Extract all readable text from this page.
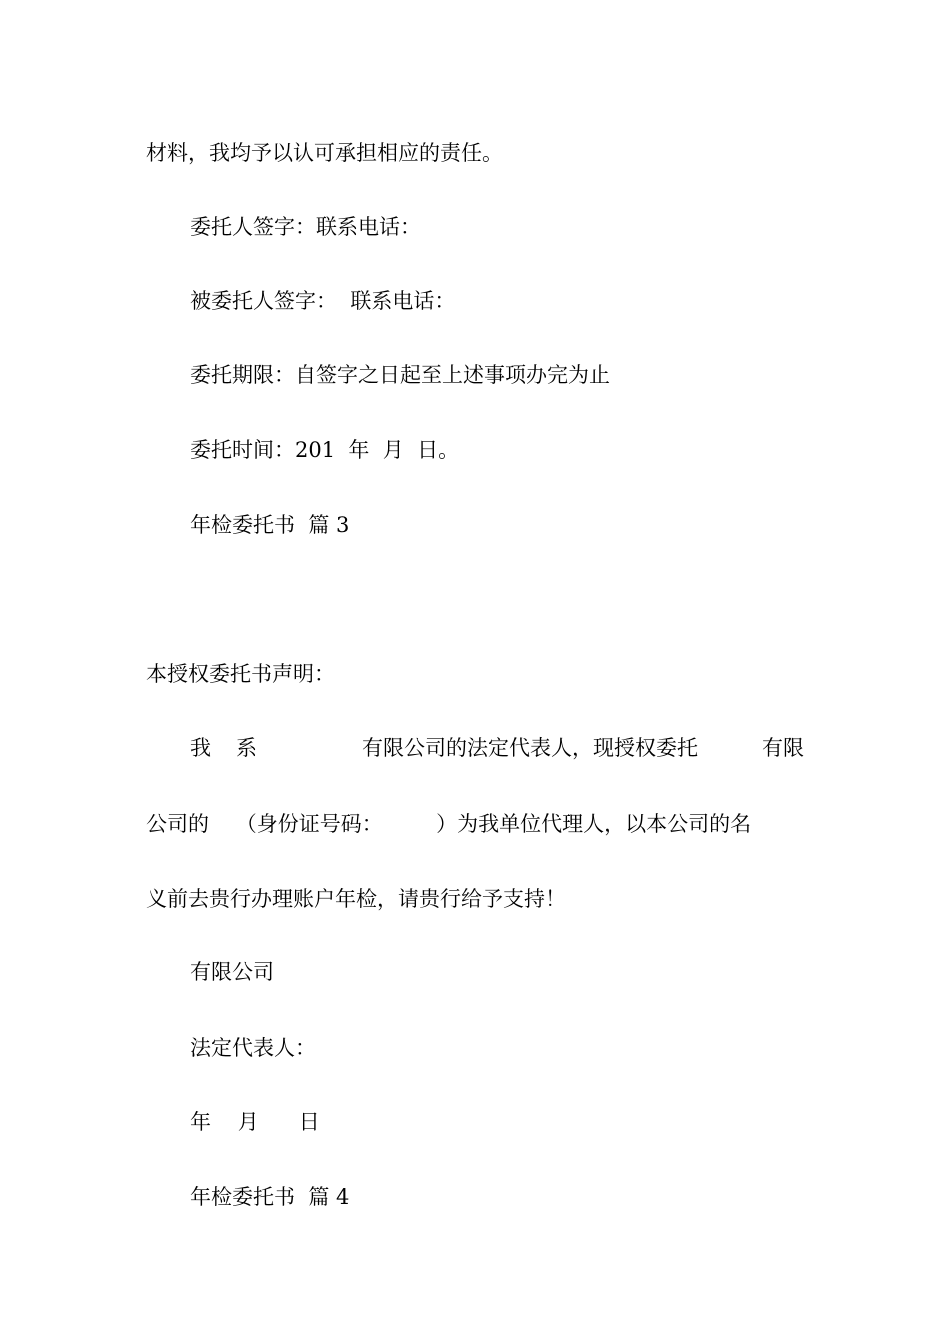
材料，我均予以认可承担相应的责任。
委托人签字：联系电话：
被委托人签字：  联系电话：
委托期限：自签字之日起至上述事项办完为止
委托时间：201  年  月  日。
年检委托书  篇 3
本授权委托书声明：

我

系

	有限公司的法定代表人，现授权委托

	有限

公司的    （身份证号码：        ）为我单位代理人，以本公司的名
义前去贵行办理账户年检，请贵行给予支持！
有限公司
法定代表人：
年    月      日
年检委托书  篇 4
